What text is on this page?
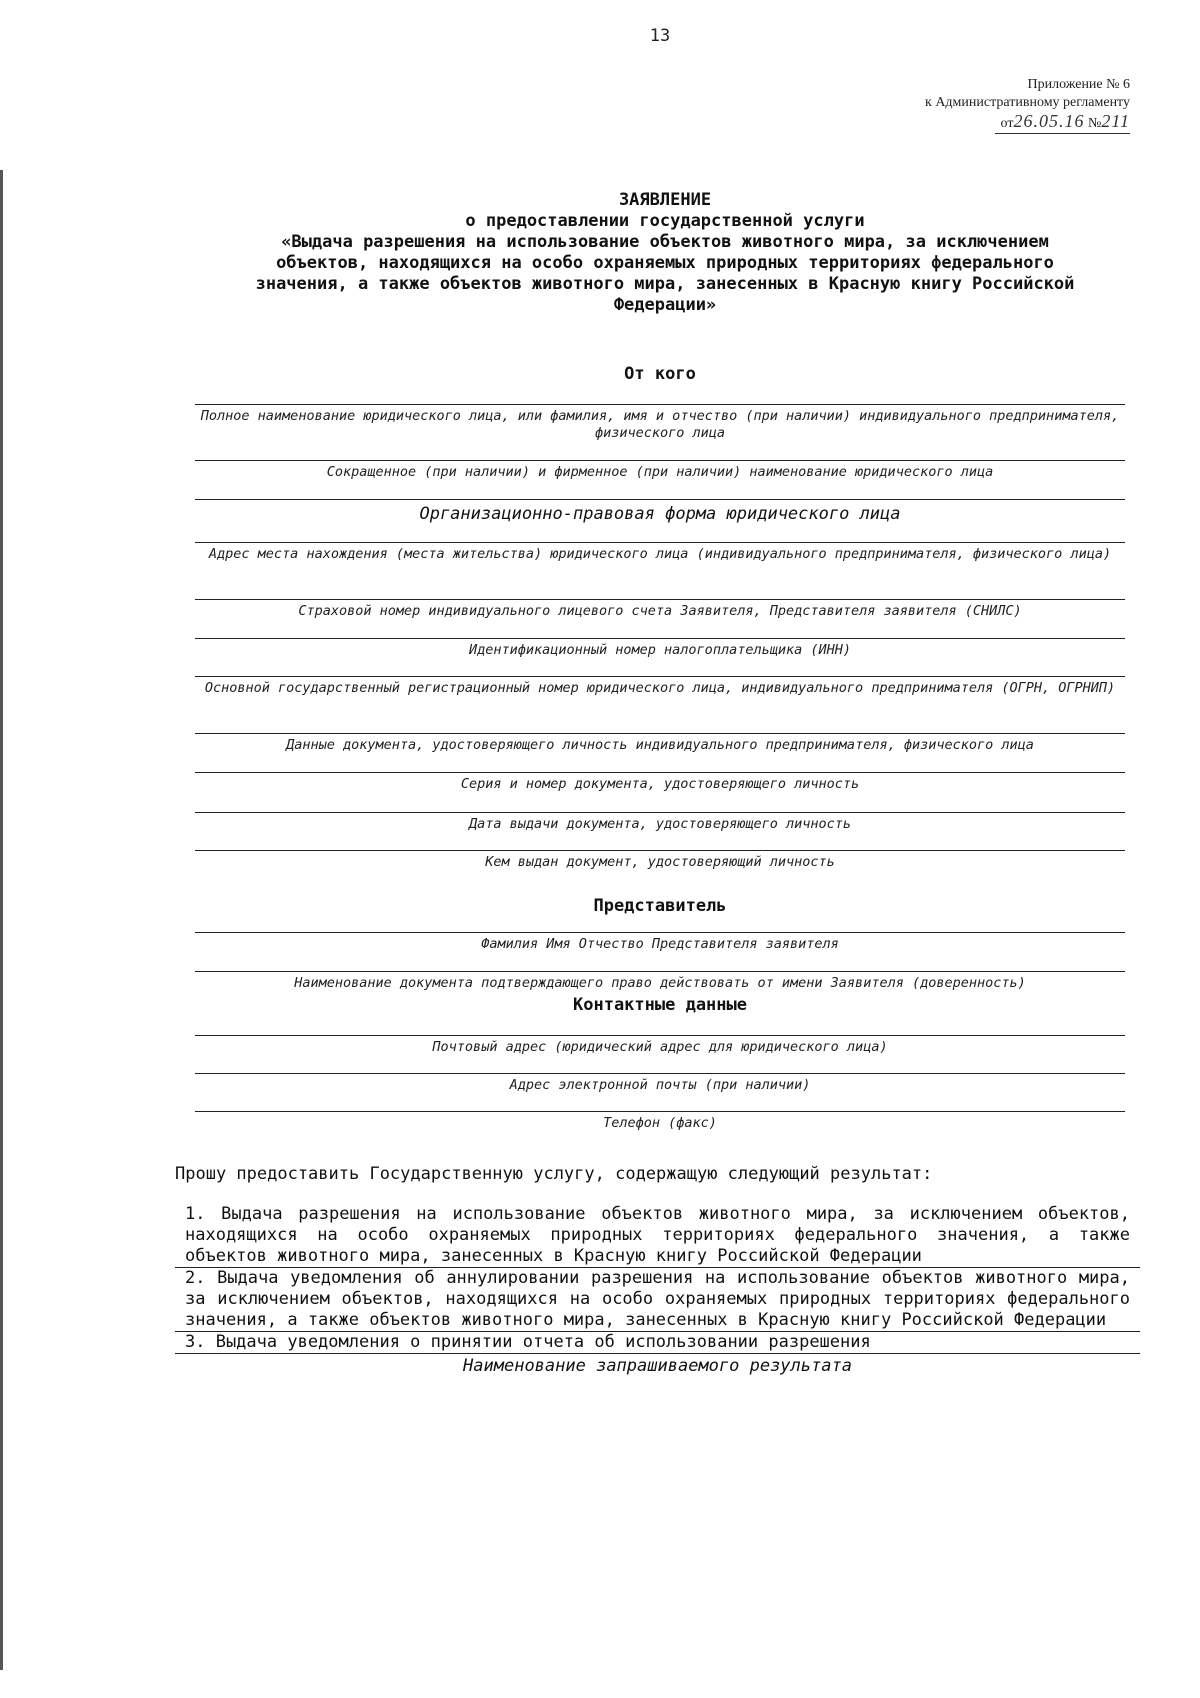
13
Приложение № 6
к Административному регламенту
от26.05.16 №211
ЗАЯВЛЕНИЕ
о предоставлении государственной услуги
«Выдача разрешения на использование объектов животного мира, за исключением
объектов, находящихся на особо охраняемых природных территориях федерального
значения, а также объектов животного мира, занесенных в Красную книгу Российской
Федерации»
От кого
Полное наименование юридического лица, или фамилия, имя и отчество (при наличии) индивидуального предпринимателя, физического лица
Сокращенное (при наличии) и фирменное (при наличии) наименование юридического лица
Организационно-правовая форма юридического лица
Адрес места нахождения (места жительства) юридического лица (индивидуального предпринимателя, физического лица)
Страховой номер индивидуального лицевого счета Заявителя, Представителя заявителя (СНИЛС)
Идентификационный номер налогоплательщика (ИНН)
Основной государственный регистрационный номер юридического лица, индивидуального предпринимателя (ОГРН, ОГРНИП)
Данные документа, удостоверяющего личность индивидуального предпринимателя, физического лица
Серия и номер документа, удостоверяющего личность
Дата выдачи документа, удостоверяющего личность
Кем выдан документ, удостоверяющий личность
Представитель
Фамилия Имя Отчество Представителя заявителя
Наименование документа подтверждающего право действовать от имени Заявителя (доверенность)
Контактные данные
Почтовый адрес (юридический адрес для юридического лица)
Адрес электронной почты (при наличии)
Телефон (факс)
Прошу предоставить Государственную услугу, содержащую следующий результат:
1. Выдача разрешения на использование объектов животного мира, за исключением объектов, находящихся на особо охраняемых природных территориях федерального значения, а также объектов животного мира, занесенных в Красную книгу Российской Федерации
2. Выдача уведомления об аннулировании разрешения на использование объектов животного мира, за исключением объектов, находящихся на особо охраняемых природных территориях федерального значения, а также объектов животного мира, занесенных в Красную книгу Российской Федерации
3. Выдача уведомления о принятии отчета об использовании разрешения
Наименование запрашиваемого результата
